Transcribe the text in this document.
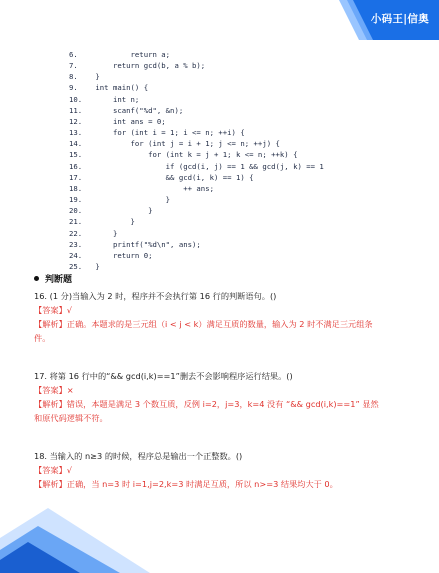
小码王|信奥
6.            return a;
7.        return gcd(b, a % b);
8. }
9. int main() {
10.       int n;
11.       scanf("%d", &n);
12.       int ans = 0;
13.       for (int i = 1; i <= n; ++i) {
14.           for (int j = i + 1; j <= n; ++j) {
15.               for (int k = j + 1; k <= n; ++k) {
16.                   if (gcd(i, j) == 1 && gcd(j, k) == 1
17.                   && gcd(i, k) == 1) {
18.                       ++ ans;
19.                   }
20.               }
21.           }
22.       }
23.       printf("%d\n", ans);
24.       return 0;
25. }
判断题
16. (1 分)当输入为 2 时，程序并不会执行第 16 行的判断语句。()
【答案】√
【解析】正确。本题求的是三元组（i < j < k）满足互质的数量，输入为 2 时不满足三元组条件。
17. 将第 16 行中的“&& gcd(i,k)==1”删去不会影响程序运行结果。()
【答案】×
【解析】错误，本题是满足 3 个数互质，反例 i=2，j=3，k=4 没有 “&& gcd(i,k)==1” 显然和原代码逻辑不符。
18. 当输入的 n≥3 的时候，程序总是输出一个正整数。()
【答案】√
【解析】正确，当 n=3 时 i=1,j=2,k=3 时满足互质，所以 n>=3 结果均大于 0。
